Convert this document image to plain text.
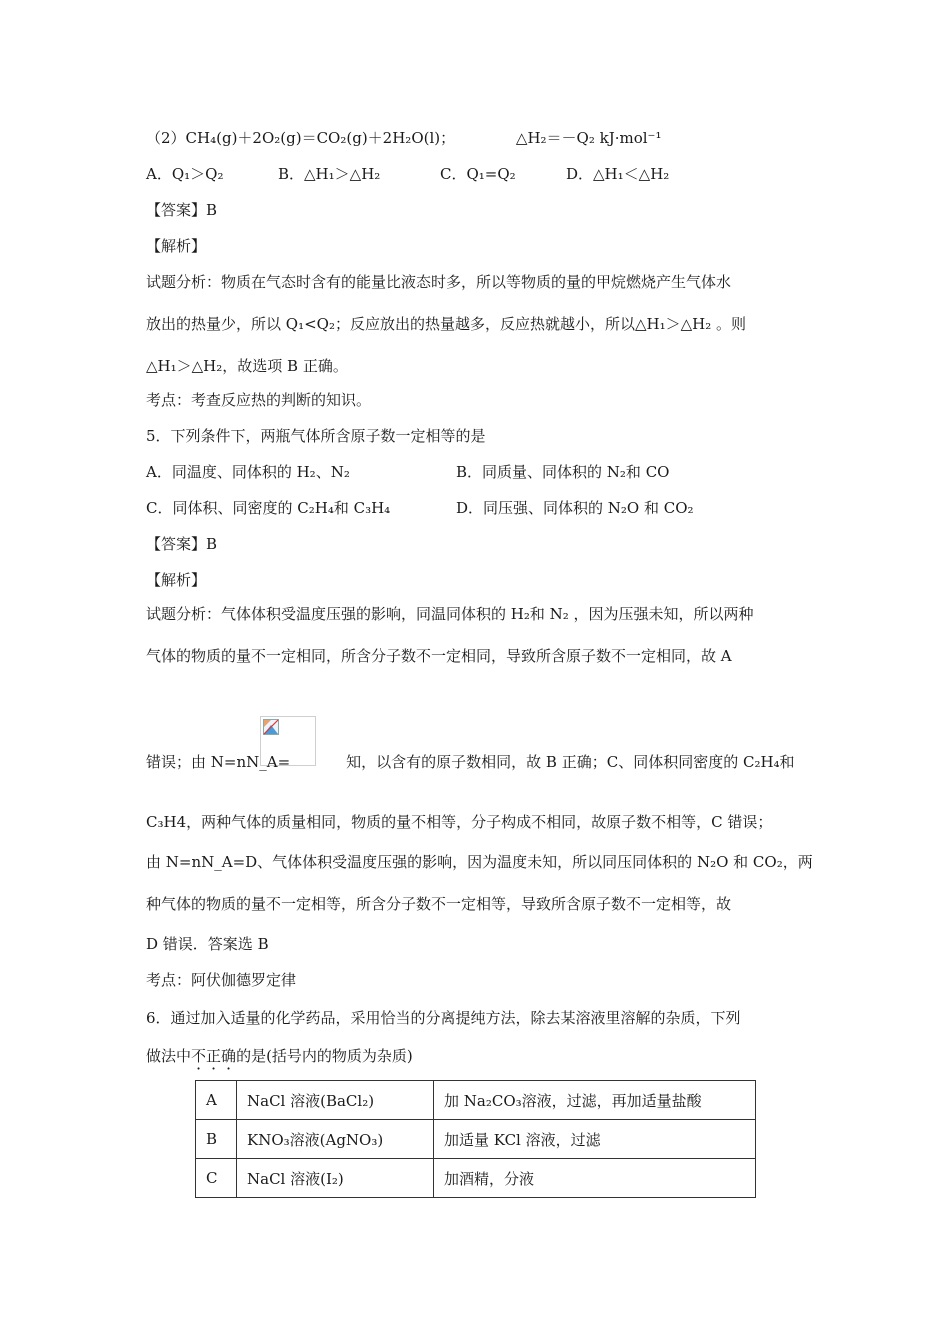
（2）CH₄(g)＋2O₂(g)＝CO₂(g)＋2H₂O(l)；	△H₂＝－Q₂ kJ·mol⁻¹
A．Q₁＞Q₂	B．△H₁＞△H₂	C．Q₁=Q₂	D．△H₁＜△H₂
【答案】B
【解析】
试题分析：物质在气态时含有的能量比液态时多，所以等物质的量的甲烷燃烧产生气体水
放出的热量少，所以 Q₁<Q₂；反应放出的热量越多，反应热就越小，所以△H₁＞△H₂ 。则
△H₁＞△H₂，故选项 B 正确。
考点：考查反应热的判断的知识。
5．下列条件下，两瓶气体所含原子数一定相等的是
A．同温度、同体积的 H₂、N₂	B．同质量、同体积的 N₂和 CO
C．同体积、同密度的 C₂H₄和 C₃H₄	D．同压强、同体积的 N₂O 和 CO₂
【答案】B
【解析】
试题分析：气体体积受温度压强的影响，同温同体积的 H₂和 N₂ ，因为压强未知，所以两种
气体的物质的量不一定相同，所含分子数不一定相同，导致所含原子数不一定相同，故 A
错误；由 N=nN_A=	知，以含有的原子数相同，故 B 正确；C、同体积同密度的 C₂H₄和
C₃H4，两种气体的质量相同，物质的量不相等，分子构成不相同，故原子数不相等，C 错误；
由 N=nN_A=D、气体体积受温度压强的影响，因为温度未知，所以同压同体积的 N₂O 和 CO₂，两
种气体的物质的量不一定相等，所含分子数不一定相等，导致所含原子数不一定相等，故
D 错误．答案选 B
考点：阿伏伽德罗定律
6．通过加入适量的化学药品，采用恰当的分离提纯方法，除去某溶液里溶解的杂质，下列
做法中不正确的是(括号内的物质为杂质)
A	NaCl 溶液(BaCl₂)	加 Na₂CO₃溶液，过滤，再加适量盐酸
B	KNO₃溶液(AgNO₃)	加适量 KCl 溶液，过滤
C	NaCl 溶液(I₂)	加酒精，分液
